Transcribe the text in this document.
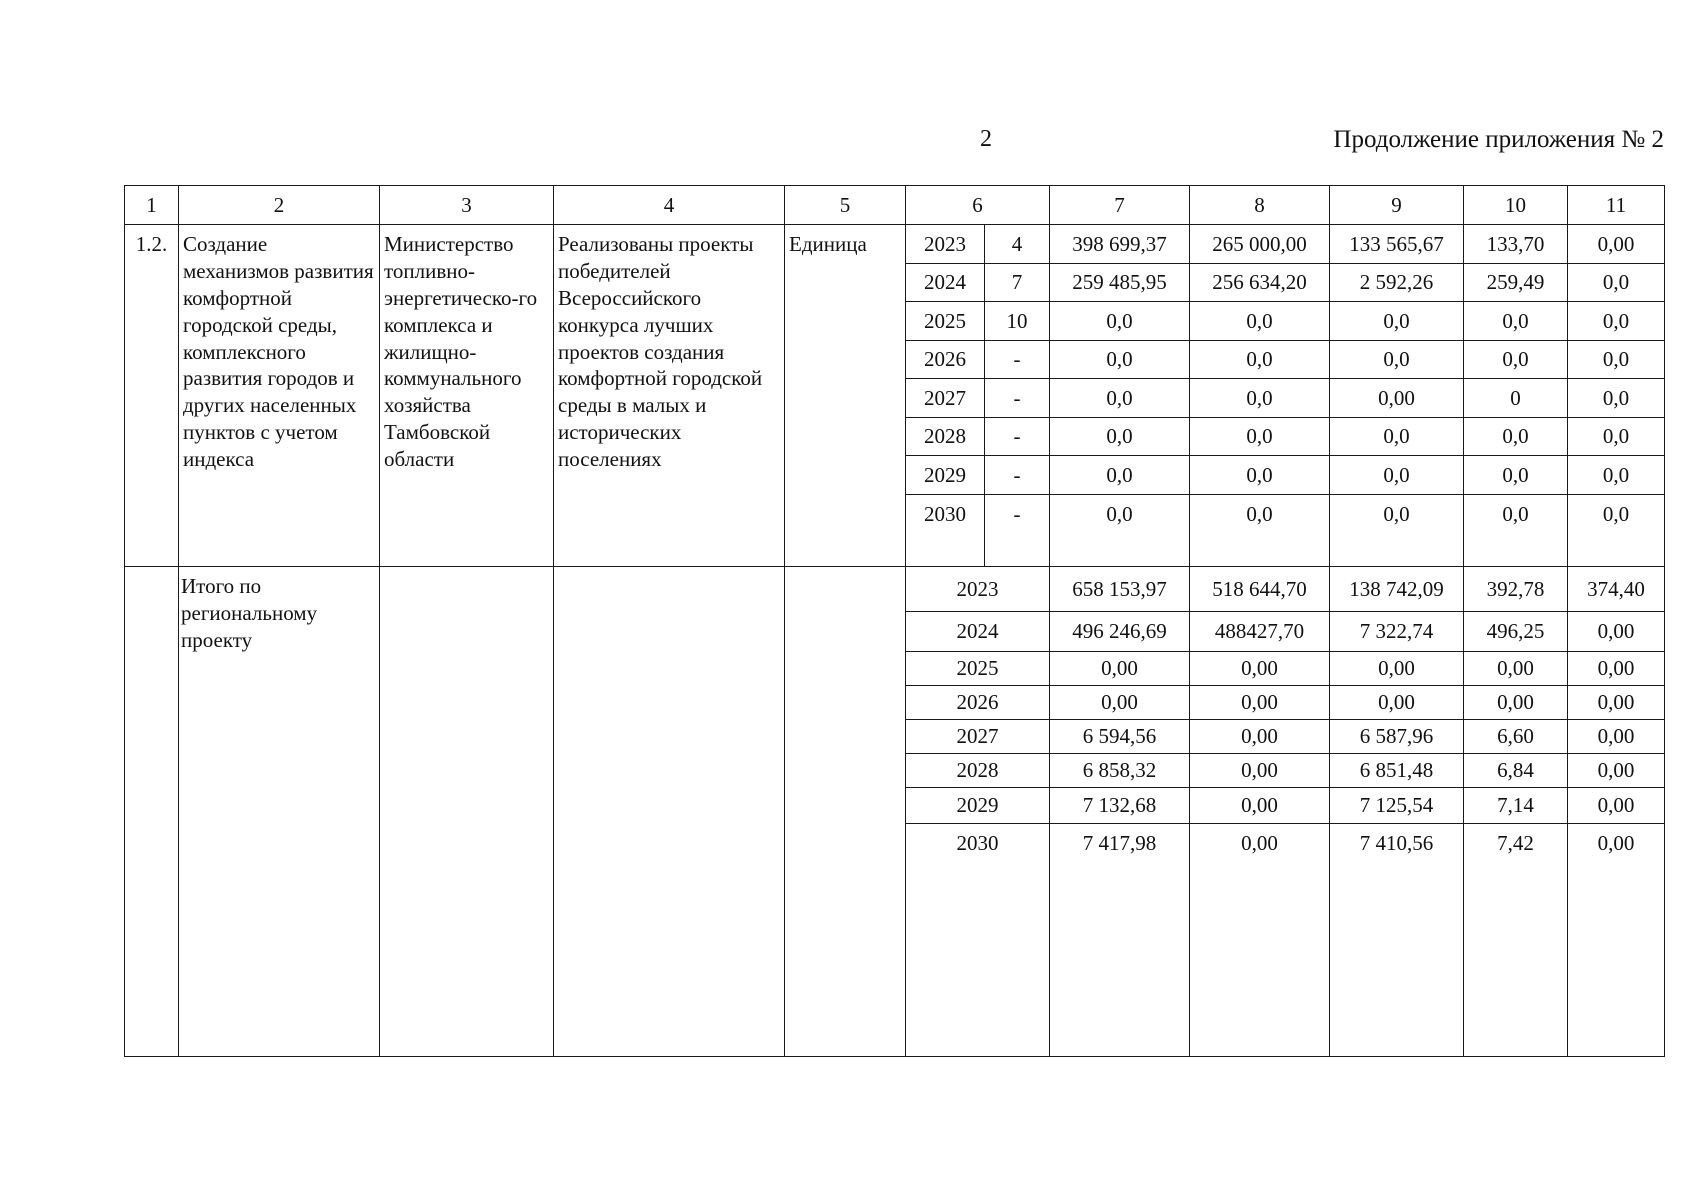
2	Продолжение приложения № 2
1	2	3	4	5	6		7	8	9	10	11
1.2.	Создание механизмов развития комфортной городской среды, комплексного развития городов и других населенных пунктов с учетом индекса	Министерство топливно-энергетическо-го комплекса и жилищно-коммунального хозяйства Тамбовской области	Реализованы проекты победителей Всероссийского конкурса лучших проектов создания комфортной городской среды в малых и исторических поселениях	Единица	2023	4	398 699,37	265 000,00	133 565,67	133,70	0,00
					2024	7	259 485,95	256 634,20	2 592,26	259,49	0,0
					2025	10	0,0	0,0	0,0	0,0	0,0
					2026	-	0,0	0,0	0,0	0,0	0,0
					2027	-	0,0	0,0	0,00	0	0,0
					2028	-	0,0	0,0	0,0	0,0	0,0
					2029	-	0,0	0,0	0,0	0,0	0,0
					2030	-	0,0	0,0	0,0	0,0	0,0
	Итого по региональному проекту				2023		658 153,97	518 644,70	138 742,09	392,78	374,40
					2024		496 246,69	488427,70	7 322,74	496,25	0,00
					2025		0,00	0,00	0,00	0,00	0,00
					2026		0,00	0,00	0,00	0,00	0,00
					2027		6 594,56	0,00	6 587,96	6,60	0,00
					2028		6 858,32	0,00	6 851,48	6,84	0,00
					2029		7 132,68	0,00	7 125,54	7,14	0,00
					2030		7 417,98	0,00	7 410,56	7,42	0,00
